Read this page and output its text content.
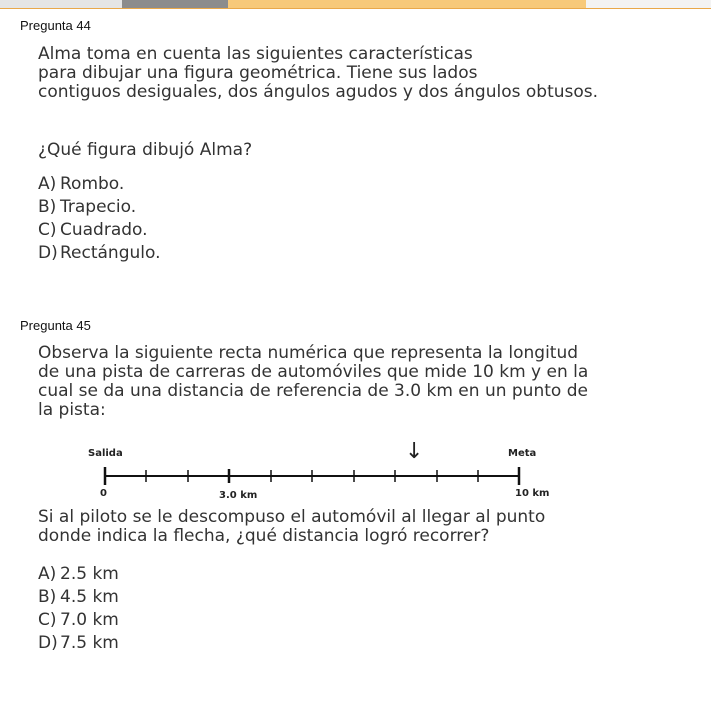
Pregunta 44
Alma toma en cuenta las siguientes características
para dibujar una figura geométrica. Tiene sus lados
contiguos desiguales, dos ángulos agudos y dos ángulos obtusos.
¿Qué figura dibujó Alma?
A) Rombo.
B) Trapecio.
C) Cuadrado.
D) Rectángulo.
Pregunta 45
Observa la siguiente recta numérica que representa la longitud
de una pista de carreras de automóviles que mide 10 km y en la
cual se da una distancia de referencia de 3.0 km en un punto de
la pista:
Salida	Meta
↓
0	3.0 km	10 km
Si al piloto se le descompuso el automóvil al llegar al punto
donde indica la flecha, ¿qué distancia logró recorrer?
A) 2.5 km
B) 4.5 km
C) 7.0 km
D) 7.5 km
